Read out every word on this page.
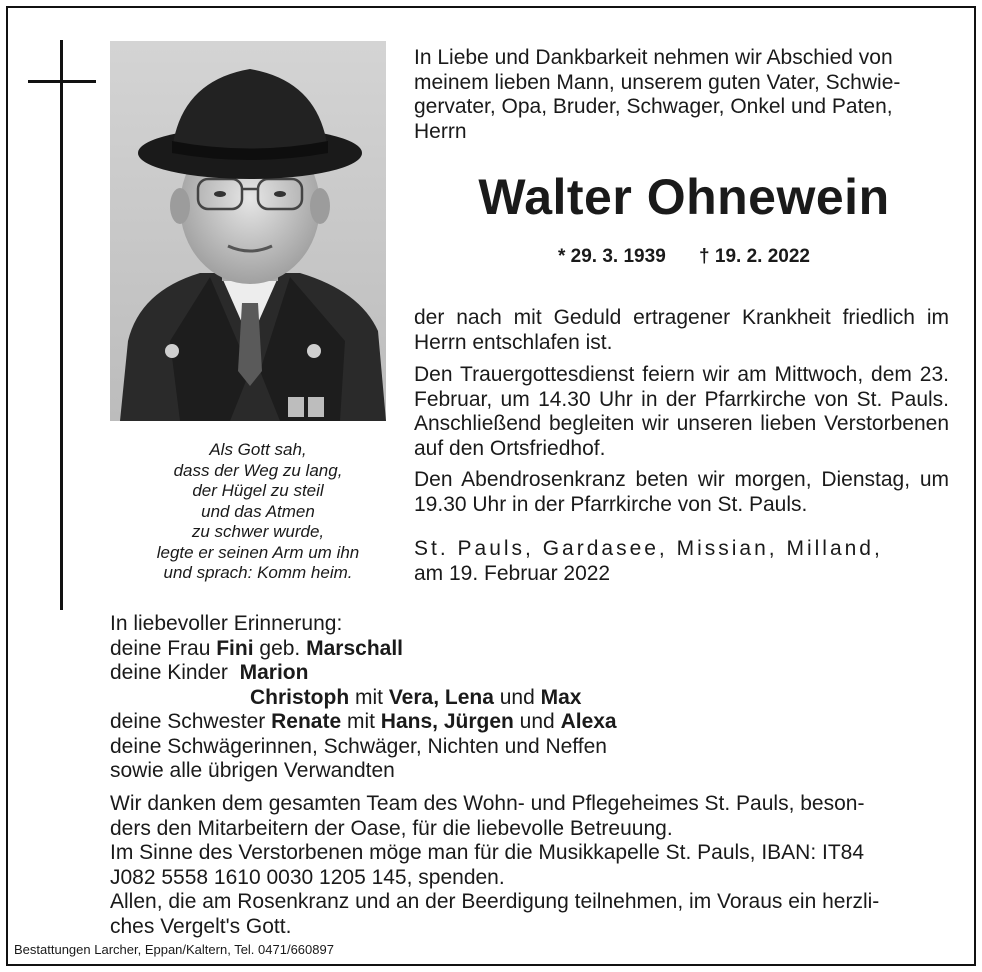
Als Gott sah,
dass der Weg zu lang,
der Hügel zu steil
und das Atmen
zu schwer wurde,
legte er seinen Arm um ihn
und sprach: Komm heim.
In Liebe und Dankbarkeit nehmen wir Abschied von
meinem lieben Mann, unserem guten Vater, Schwie-
gervater, Opa, Bruder, Schwager, Onkel und Paten,
Herrn
Walter Ohnewein
* 29. 3. 1939 † 19. 2. 2022
der nach mit Geduld ertragener Krankheit friedlich im Herrn entschlafen ist.
Den Trauergottesdienst feiern wir am Mittwoch, dem 23. Februar, um 14.30 Uhr in der Pfarrkirche von St. Pauls. Anschließend begleiten wir unseren lieben Verstorbenen auf den Ortsfriedhof.
Den Abendrosenkranz beten wir morgen, Dienstag, um 19.30 Uhr in der Pfarrkirche von St. Pauls.
St. Pauls, Gardasee, Missian, Milland,
am 19. Februar 2022
In liebevoller Erinnerung:
deine Frau Fini geb. Marschall
deine Kinder  Marion
Christoph mit Vera, Lena und Max
deine Schwester Renate mit Hans, Jürgen und Alexa
deine Schwägerinnen, Schwäger, Nichten und Neffen
sowie alle übrigen Verwandten
Wir danken dem gesamten Team des Wohn- und Pflegeheimes St. Pauls, beson-
ders den Mitarbeitern der Oase, für die liebevolle Betreuung.
Im Sinne des Verstorbenen möge man für die Musikkapelle St. Pauls, IBAN: IT84
J082 5558 1610 0030 1205 145, spenden.
Allen, die am Rosenkranz und an der Beerdigung teilnehmen, im Voraus ein herzli-
ches Vergelt's Gott.
Bestattungen Larcher, Eppan/Kaltern, Tel. 0471/660897
